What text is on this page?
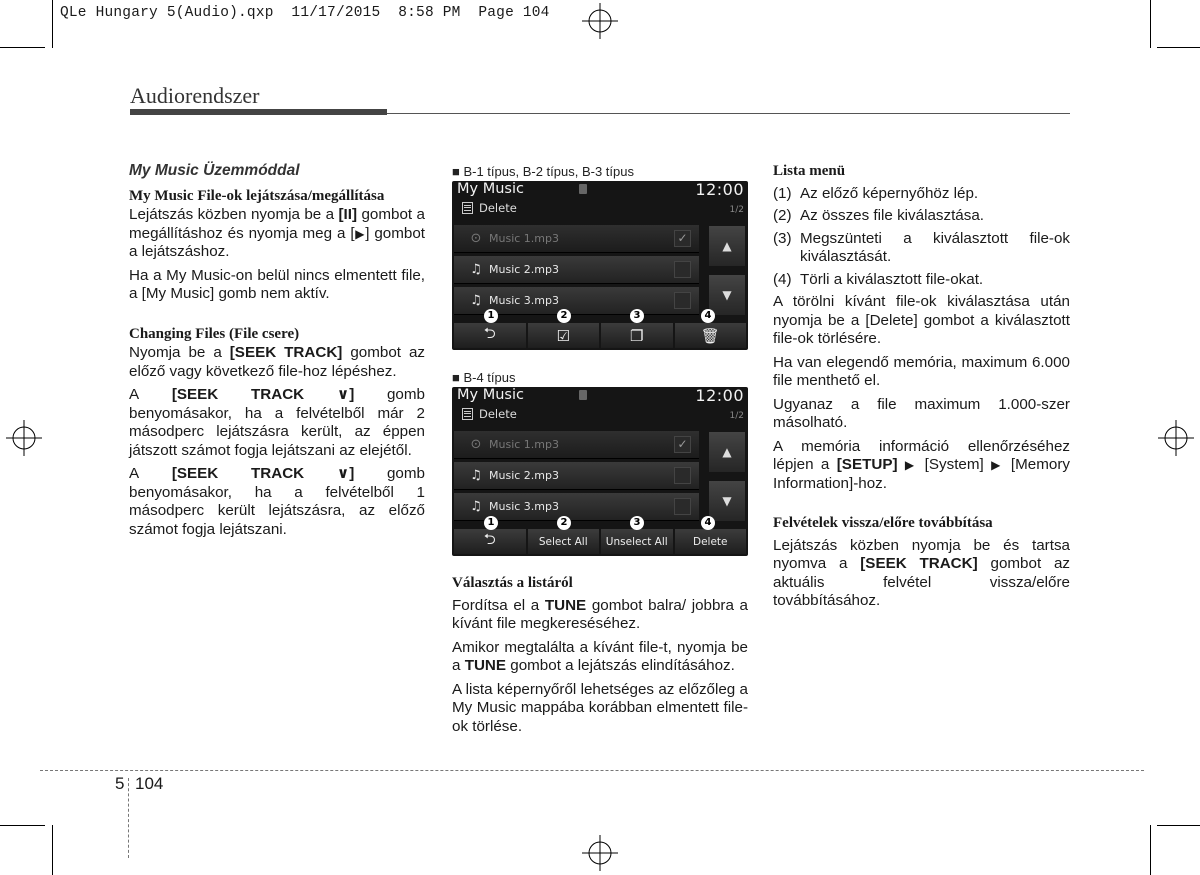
QLe Hungary 5(Audio).qxp  11/17/2015  8:58 PM  Page 104
Audiorendszer
My Music Üzemmóddal
My Music File-ok lejátszása/megállítása

Lejátszás közben nyomja be a [II] gombot a megállításhoz és nyomja meg a [▶] gombot a lejátszáshoz.

Ha a My Music-on belül nincs elmentett file, a [My Music] gomb nem aktív.

Changing Files (File csere)

Nyomja be a [SEEK TRACK] gombot az előző vagy következő file-hoz lépéshez.

A [SEEK TRACK ∨] gomb
benyomásakor, ha a felvételből már 2 másodperc lejátszásra került, az éppen játszott számot fogja lejátszani az elejétől.
A [SEEK TRACK ∨] gomb
benyomásakor, ha a felvételből 1 másodperc került lejátszásra, az előző számot fogja lejátszani.
■ B-1 típus, B-2 típus, B-3 típus
My Music	12:00
Delete	1/2
⊙ Music 1.mp3	✓
♫ Music 2.mp3
♫ Music 3.mp3
▲
▼
⮌	☑	❐	🗑
1	2	3	4
■ B-4 típus
My Music	12:00
Delete	1/2
⊙ Music 1.mp3	✓
♫ Music 2.mp3
♫ Music 3.mp3
▲
▼
⮌	Select All	Unselect All	Delete
1	2	3	4
Választás a listáról

Fordítsa el a TUNE gombot balra/ jobbra a kívánt file megkereséséhez.

Amikor megtalálta a kívánt file-t, nyomja be a TUNE gombot a lejátszás elindításához.

A lista képernyőről lehetséges az előzőleg a My Music mappába korábban elmentett file-ok törlése.

Lista menü
(1) Az előző képernyőhöz lép.
(2) Az összes file kiválasztása.
(3) Megszünteti a kiválasztott file-ok kiválasztását.
(4) Törli a kiválasztott file-okat.

A törölni kívánt file-ok kiválasztása után nyomja be a [Delete] gombot a kiválasztott file-ok törlésére.

Ha van elegendő memória, maximum 6.000 file menthető el.

Ugyanaz a file maximum 1.000-szer másolható.

A memória információ ellenőrzéséhez lépjen a [SETUP] ▶ [System] ▶ [Memory Information]-hoz.

Felvételek vissza/előre továbbítása

Lejátszás közben nyomja be és tartsa nyomva a [SEEK TRACK] gombot az aktuális felvétel vissza/előre továbbításához.

5 104
